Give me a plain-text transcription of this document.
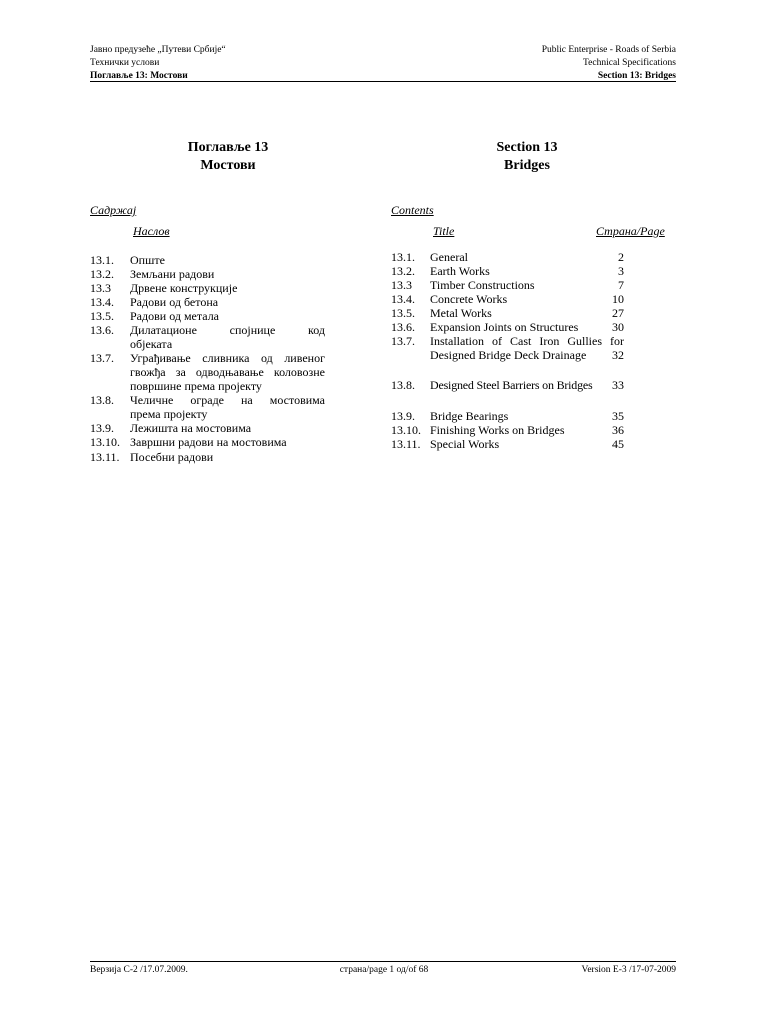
Јавно предузеће „Путеви Србије“
Технички услови
Поглавље 13: Мостови
Public Enterprise - Roads of Serbia
Technical Specifications
Section 13: Bridges
Поглавље 13
Мостови
Section 13
Bridges
Садржај	Contents
Наслов	Title	Страна/Page
13.1. Опште
13.2. Земљани радови
13.3 Дрвене конструкције
13.4. Радови од бетона
13.5. Радови од метала
13.6. Дилатационе спојнице код
објеката
13.7. Уграђивање сливника од ливеног
гвожђа за одводњавање коловозне
површине према пројекту
13.8. Челичне ограде на мостовима
према пројекту
13.9. Лежишта на мостовима
13.10. Завршни радови на мостовима
13.11. Посебни радови
13.1. General	2
13.2. Earth Works	3
13.3 Timber Constructions	7
13.4. Concrete Works	10
13.5. Metal Works	27
13.6. Expansion Joints on Structures	30
13.7. Installation of Cast Iron Gullies for
Designed Bridge Deck Drainage 32
13.8. Designed Steel Barriers on Bridges 33
13.9. Bridge Bearings	35
13.10. Finishing Works on Bridges	36
13.11. Special Works	45
Верзија С-2 /17.07.2009.	страна/page 1 од/of 68	Version E-3 /17-07-2009
